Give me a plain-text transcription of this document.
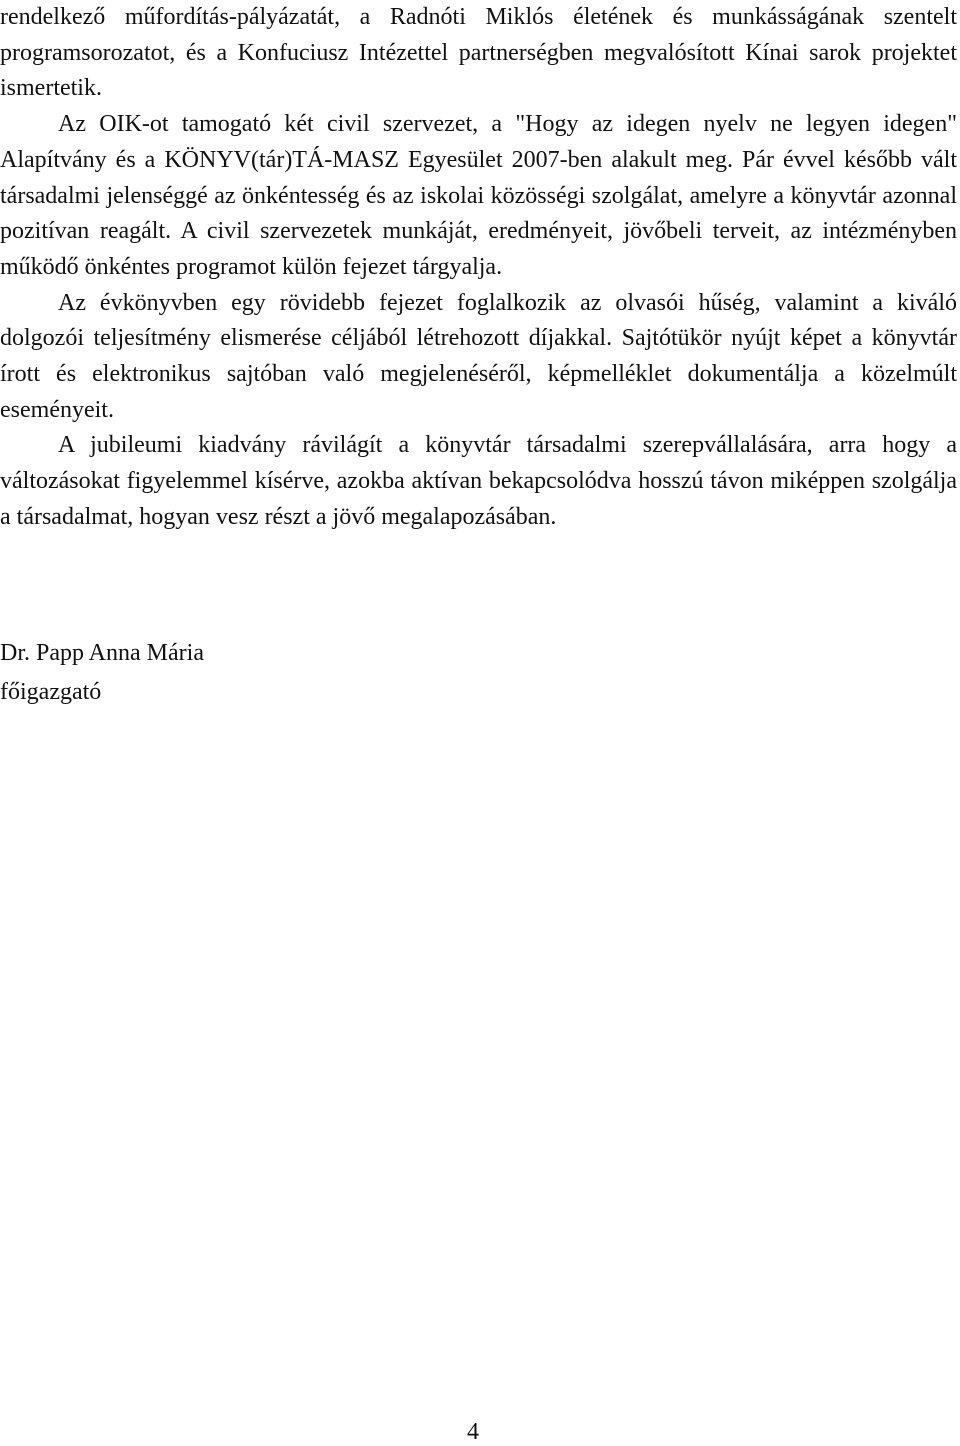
rendelkező műfordítás-pályázatát, a Radnóti Miklós életének és munkásságának szentelt programsorozatot, és a Konfuciusz Intézettel partnerségben megvalósított Kínai sarok projektet ismertetik.

Az OIK-ot tamogató két civil szervezet, a "Hogy az idegen nyelv ne legyen idegen" Alapítvány és a KÖNYV(tár)TÁ-MASZ Egyesület 2007-ben alakult meg. Pár évvel később vált társadalmi jelenséggé az önkéntesség és az iskolai közösségi szolgálat, amelyre a könyvtár azonnal pozitívan reagált. A civil szervezetek munkáját, eredményeit, jövőbeli terveit, az intézményben működő önkéntes programot külön fejezet tárgyalja.

Az évkönyvben egy rövidebb fejezet foglalkozik az olvasói hűség, valamint a kiváló dolgozói teljesítmény elismerése céljából létrehozott díjakkal. Sajtótükör nyújt képet a könyvtár írott és elektronikus sajtóban való megjelenéséről, képmelléklet dokumentálja a közelmúlt eseményeit.

A jubileumi kiadvány rávilágít a könyvtár társadalmi szerepvállalására, arra hogy a változásokat figyelemmel kísérve, azokba aktívan bekapcsolódva hosszú távon miképpen szolgálja a társadalmat, hogyan vesz részt a jövő megalapozásában.

Dr. Papp Anna Mária
főigazgató
4
